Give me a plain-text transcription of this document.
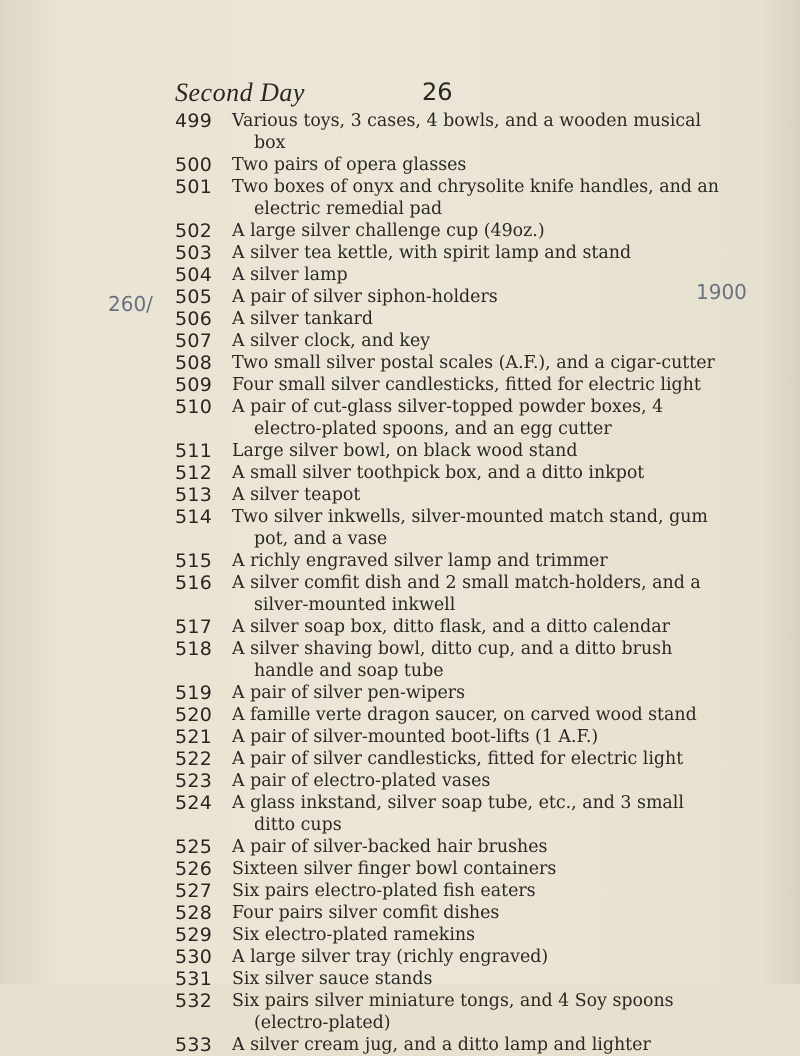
Second Day	26
260/	1900
499 Various toys, 3 cases, 4 bowls, and a wooden musical box
500 Two pairs of opera glasses
501 Two boxes of onyx and chrysolite knife handles, and an electric remedial pad
502 A large silver challenge cup (49oz.)
503 A silver tea kettle, with spirit lamp and stand
504 A silver lamp
505 A pair of silver siphon-holders
506 A silver tankard
507 A silver clock, and key
508 Two small silver postal scales (A.F.), and a cigar-cutter
509 Four small silver candlesticks, fitted for electric light
510 A pair of cut-glass silver-topped powder boxes, 4 electro-plated spoons, and an egg cutter
511 Large silver bowl, on black wood stand
512 A small silver toothpick box, and a ditto inkpot
513 A silver teapot
514 Two silver inkwells, silver-mounted match stand, gum pot, and a vase
515 A richly engraved silver lamp and trimmer
516 A silver comfit dish and 2 small match-holders, and a silver-mounted inkwell
517 A silver soap box, ditto flask, and a ditto calendar
518 A silver shaving bowl, ditto cup, and a ditto brush handle and soap tube
519 A pair of silver pen-wipers
520 A famille verte dragon saucer, on carved wood stand
521 A pair of silver-mounted boot-lifts (1 A.F.)
522 A pair of silver candlesticks, fitted for electric light
523 A pair of electro-plated vases
524 A glass inkstand, silver soap tube, etc., and 3 small ditto cups
525 A pair of silver-backed hair brushes
526 Sixteen silver finger bowl containers
527 Six pairs electro-plated fish eaters
528 Four pairs silver comfit dishes
529 Six electro-plated ramekins
530 A large silver tray (richly engraved)
531 Six silver sauce stands
532 Six pairs silver miniature tongs, and 4 Soy spoons (electro-plated)
533 A silver cream jug, and a ditto lamp and lighter
